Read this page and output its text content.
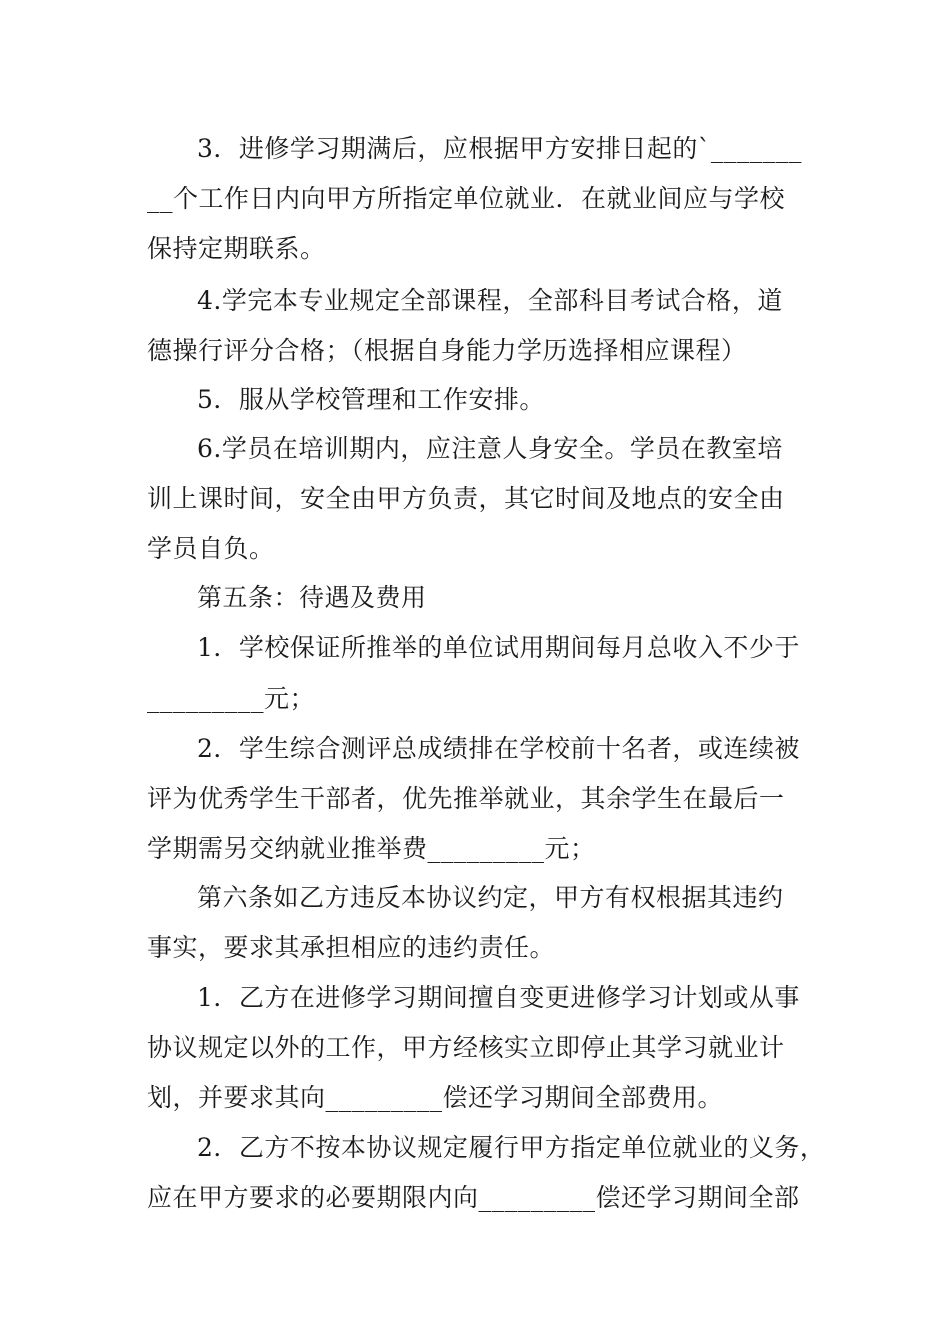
3．进修学习期满后，应根据甲方安排日起的`_______
__个工作日内向甲方所指定单位就业．在就业间应与学校
保持定期联系。
4.学完本专业规定全部课程，全部科目考试合格，道
德操行评分合格；（根据自身能力学历选择相应课程）
5．服从学校管理和工作安排。
6.学员在培训期内，应注意人身安全。学员在教室培
训上课时间，安全由甲方负责，其它时间及地点的安全由
学员自负。
第五条：待遇及费用
1．学校保证所推举的单位试用期间每月总收入不少于
_________元；
2．学生综合测评总成绩排在学校前十名者，或连续被
评为优秀学生干部者，优先推举就业，其余学生在最后一
学期需另交纳就业推举费_________元；
第六条如乙方违反本协议约定，甲方有权根据其违约
事实，要求其承担相应的违约责任。
1．乙方在进修学习期间擅自变更进修学习计划或从事
协议规定以外的工作，甲方经核实立即停止其学习就业计
划，并要求其向_________偿还学习期间全部费用。
2．乙方不按本协议规定履行甲方指定单位就业的义务，
应在甲方要求的必要期限内向_________偿还学习期间全部
